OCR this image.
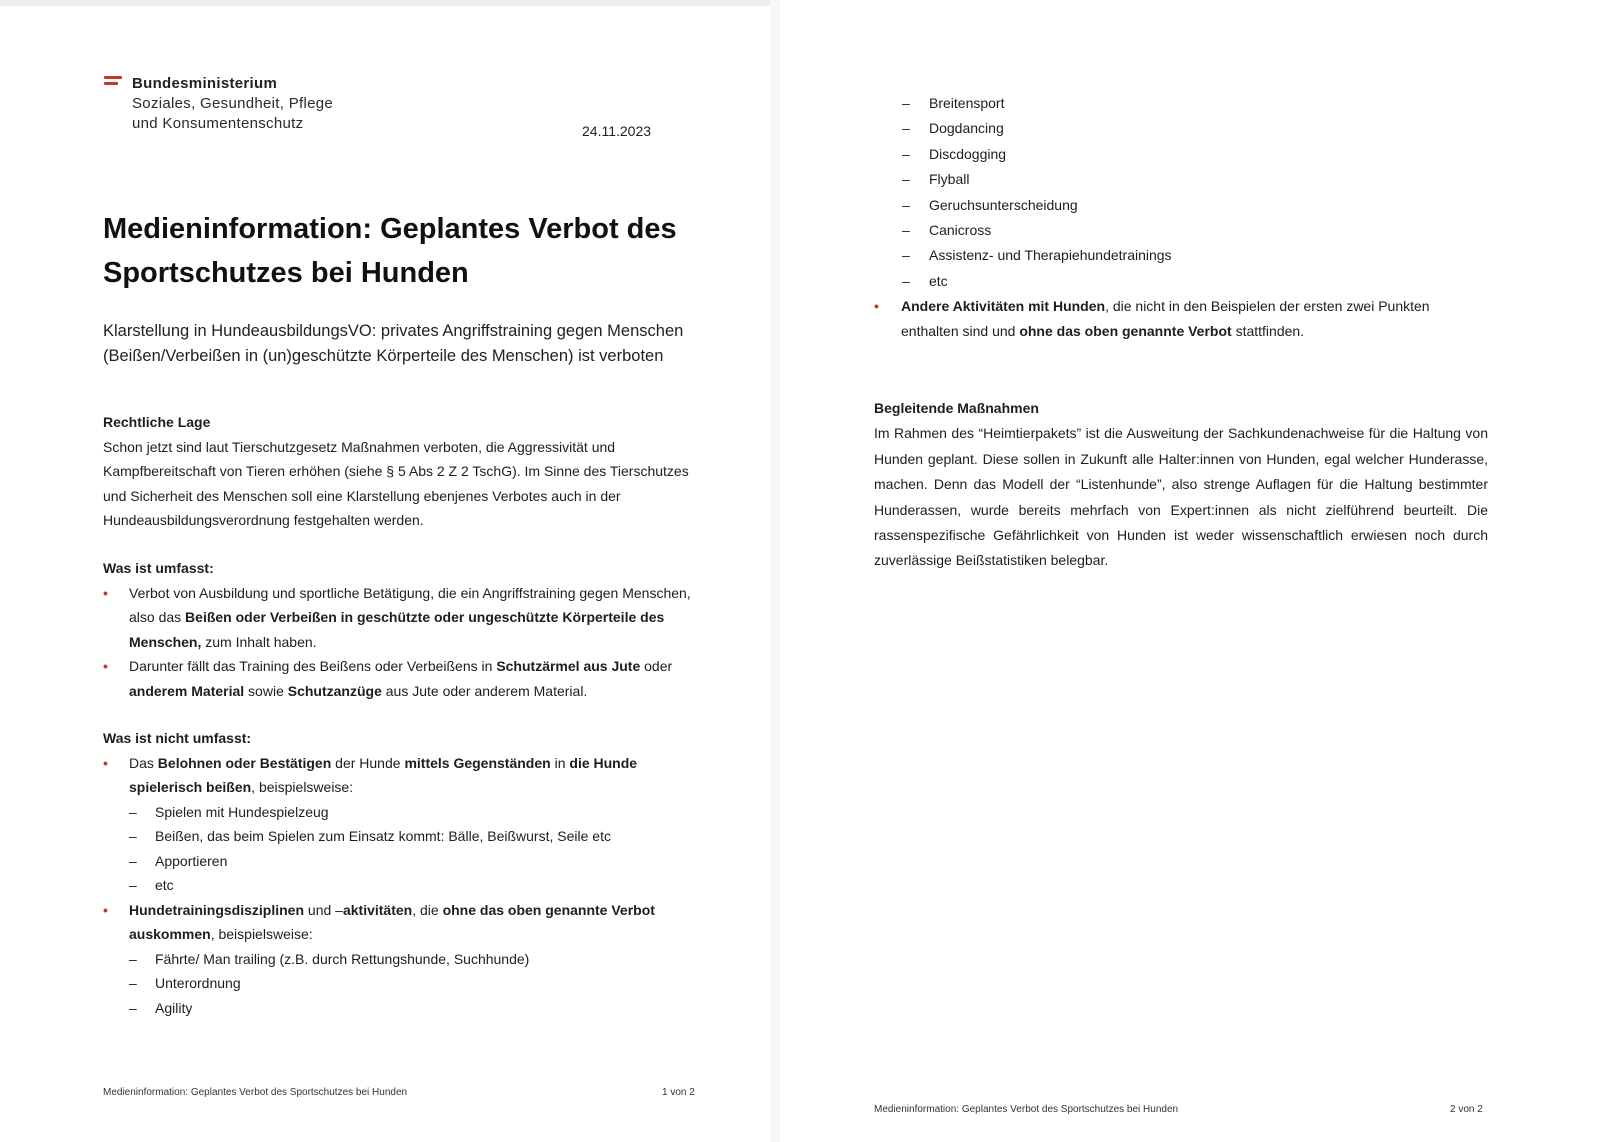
Bundesministerium
Soziales, Gesundheit, Pflege
und Konsumentenschutz	24.11.2023
Medieninformation: Geplantes Verbot des
Sportschutzes bei Hunden
Klarstellung in HundeausbildungsVO: privates Angriffstraining gegen Menschen (Beißen/Verbeißen in (un)geschützte Körperteile des Menschen) ist verboten
Rechtliche Lage

Schon jetzt sind laut Tierschutzgesetz Maßnahmen verboten, die Aggressivität und Kampfbereitschaft von Tieren erhöhen (siehe § 5 Abs 2 Z 2 TschG). Im Sinne des Tierschutzes und Sicherheit des Menschen soll eine Klarstellung ebenjenes Verbotes auch in der Hundeausbildungsverordnung festgehalten werden.

Was ist umfasst:
• Verbot von Ausbildung und sportliche Betätigung, die ein Angriffstraining gegen Menschen, also das Beißen oder Verbeißen in geschützte oder ungeschützte Körperteile des Menschen, zum Inhalt haben.
• Darunter fällt das Training des Beißens oder Verbeißens in Schutzärmel aus Jute oder anderem Material sowie Schutzanzüge aus Jute oder anderem Material.
Was ist nicht umfasst:
• Das Belohnen oder Bestätigen der Hunde mittels Gegenständen in die Hunde spielerisch beißen, beispielsweise:
– Spielen mit Hundespielzeug
– Beißen, das beim Spielen zum Einsatz kommt: Bälle, Beißwurst, Seile etc
– Apportieren
– etc
• Hundetrainingsdisziplinen und –aktivitäten, die ohne das oben genannte Verbot auskommen, beispielsweise:
– Fährte/ Man trailing (z.B. durch Rettungshunde, Suchhunde)
– Unterordnung
– Agility
Medieninformation: Geplantes Verbot des Sportschutzes bei Hunden	1 von 2
– Breitensport
– Dogdancing
– Discdogging
– Flyball
– Geruchsunterscheidung
– Canicross
– Assistenz- und Therapiehundetrainings
– etc
• Andere Aktivitäten mit Hunden, die nicht in den Beispielen der ersten zwei Punkten enthalten sind und ohne das oben genannte Verbot stattfinden.
Begleitende Maßnahmen

Im Rahmen des “Heimtierpakets” ist die Ausweitung der Sachkundenachweise für die Haltung von Hunden geplant. Diese sollen in Zukunft alle Halter:innen von Hunden, egal welcher Hunderasse, machen. Denn das Modell der “Listenhunde”, also strenge Auflagen für die Haltung bestimmter Hunderassen, wurde bereits mehrfach von Expert:innen als nicht zielführend beurteilt. Die rassenspezifische Gefährlichkeit von Hunden ist weder wissenschaftlich erwiesen noch durch zuverlässige Beißstatistiken belegbar.

Medieninformation: Geplantes Verbot des Sportschutzes bei Hunden	2 von 2
